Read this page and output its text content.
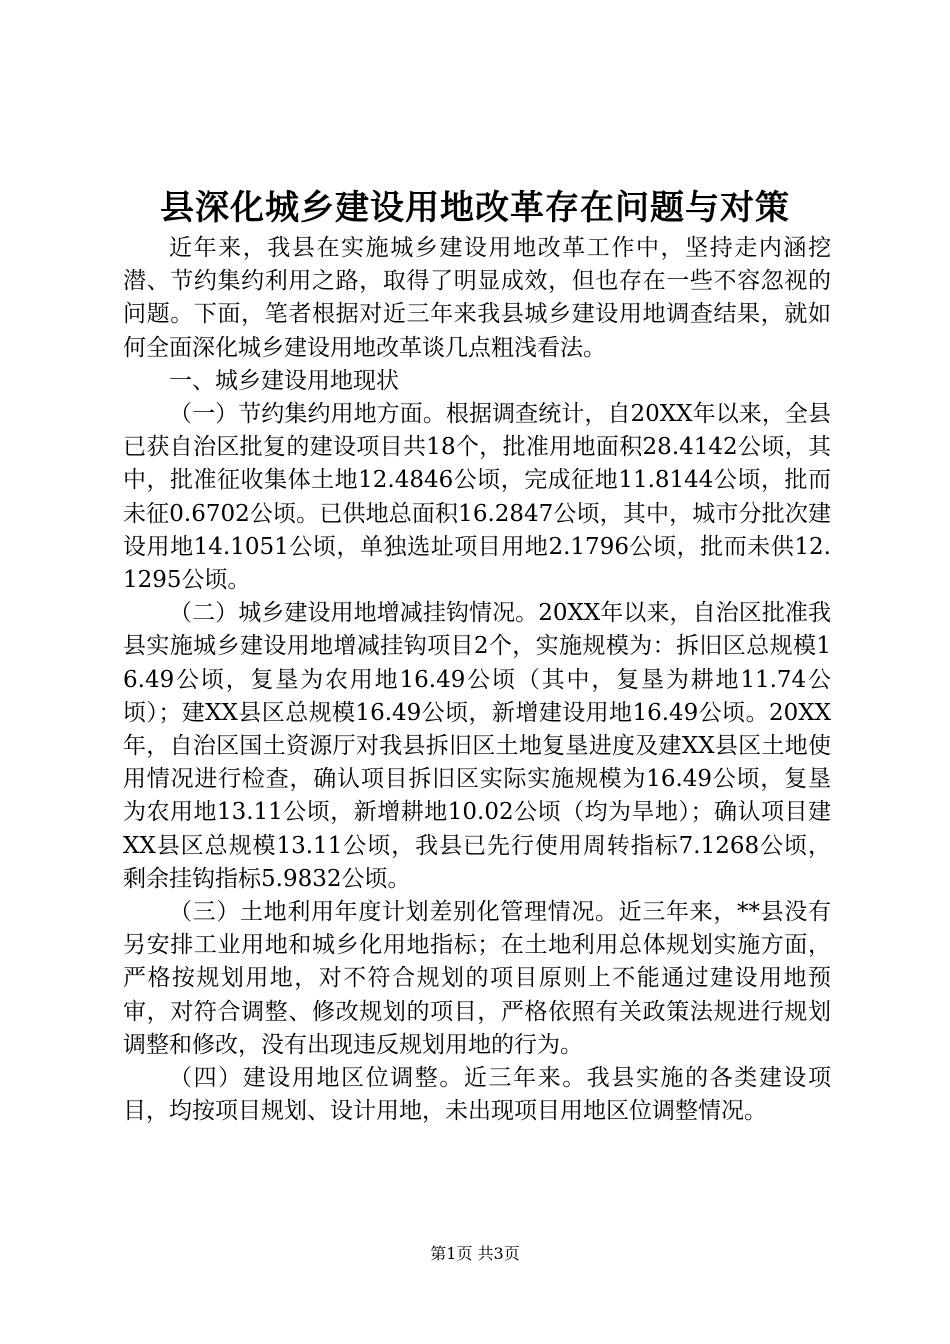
县深化城乡建设用地改革存在问题与对策

近年来，我县在实施城乡建设用地改革工作中，坚持走内涵挖潜、节约集约利用之路，取得了明显成效，但也存在一些不容忽视的问题。下面，笔者根据对近三年来我县城乡建设用地调查结果，就如何全面深化城乡建设用地改革谈几点粗浅看法。

一、城乡建设用地现状

（一）节约集约用地方面。根据调查统计，自20XX年以来，全县已获自治区批复的建设项目共18个，批准用地面积28.4142公顷，其中，批准征收集体土地12.4846公顷，完成征地11.8144公顷，批而未征0.6702公顷。已供地总面积16.2847公顷，其中，城市分批次建设用地14.1051公顷，单独选址项目用地2.1796公顷，批而未供12.1295公顷。

（二）城乡建设用地增减挂钩情况。20XX年以来，自治区批准我县实施城乡建设用地增减挂钩项目2个，实施规模为：拆旧区总规模16.49公顷，复垦为农用地16.49公顷（其中，复垦为耕地11.74公顷）；建XX县区总规模16.49公顷，新增建设用地16.49公顷。20XX年，自治区国土资源厅对我县拆旧区土地复垦进度及建XX县区土地使用情况进行检查，确认项目拆旧区实际实施规模为16.49公顷，复垦为农用地13.11公顷，新增耕地10.02公顷（均为旱地）；确认项目建XX县区总规模13.11公顷，我县已先行使用周转指标7.1268公顷，剩余挂钩指标5.9832公顷。

（三）土地利用年度计划差别化管理情况。近三年来，**县没有另安排工业用地和城乡化用地指标；在土地利用总体规划实施方面，严格按规划用地，对不符合规划的项目原则上不能通过建设用地预审，对符合调整、修改规划的项目，严格依照有关政策法规进行规划调整和修改，没有出现违反规划用地的行为。

（四）建设用地区位调整。近三年来。我县实施的各类建设项目，均按项目规划、设计用地，未出现项目用地区位调整情况。

第1页 共3页
